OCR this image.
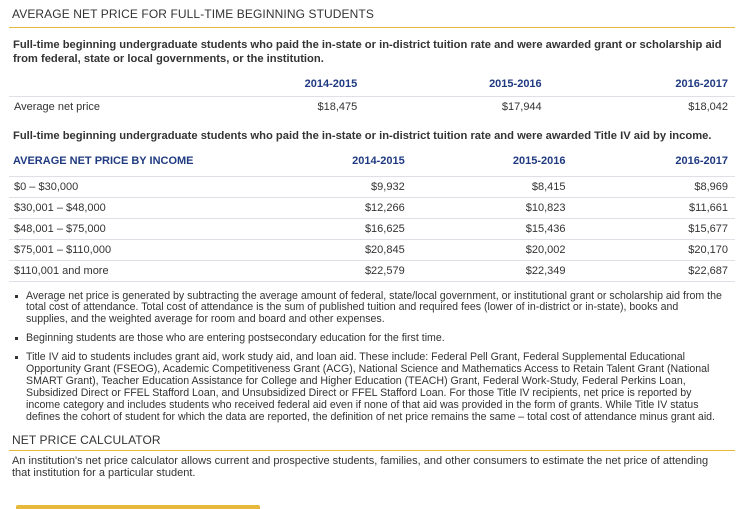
AVERAGE NET PRICE FOR FULL-TIME BEGINNING STUDENTS
Full-time beginning undergraduate students who paid the in-state or in-district tuition rate and were awarded grant or scholarship aid from federal, state or local governments, or the institution.
	2014-2015	2015-2016	2016-2017
Average net price	$18,475	$17,944	$18,042
Full-time beginning undergraduate students who paid the in-state or in-district tuition rate and were awarded Title IV aid by income.
AVERAGE NET PRICE BY INCOME	2014-2015	2015-2016	2016-2017
$0 – $30,000	$9,932	$8,415	$8,969
$30,001 – $48,000	$12,266	$10,823	$11,661
$48,001 – $75,000	$16,625	$15,436	$15,677
$75,001 – $110,000	$20,845	$20,002	$20,170
$110,001 and more	$22,579	$22,349	$22,687
Average net price is generated by subtracting the average amount of federal, state/local government, or institutional grant or scholarship aid from the total cost of attendance. Total cost of attendance is the sum of published tuition and required fees (lower of in-district or in-state), books and supplies, and the weighted average for room and board and other expenses.
Beginning students are those who are entering postsecondary education for the first time.
Title IV aid to students includes grant aid, work study aid, and loan aid. These include: Federal Pell Grant, Federal Supplemental Educational Opportunity Grant (FSEOG), Academic Competitiveness Grant (ACG), National Science and Mathematics Access to Retain Talent Grant (National SMART Grant), Teacher Education Assistance for College and Higher Education (TEACH) Grant, Federal Work-Study, Federal Perkins Loan, Subsidized Direct or FFEL Stafford Loan, and Unsubsidized Direct or FFEL Stafford Loan. For those Title IV recipients, net price is reported by income category and includes students who received federal aid even if none of that aid was provided in the form of grants. While Title IV status defines the cohort of student for which the data are reported, the definition of net price remains the same – total cost of attendance minus grant aid.
NET PRICE CALCULATOR
An institution's net price calculator allows current and prospective students, families, and other consumers to estimate the net price of attending that institution for a particular student.
